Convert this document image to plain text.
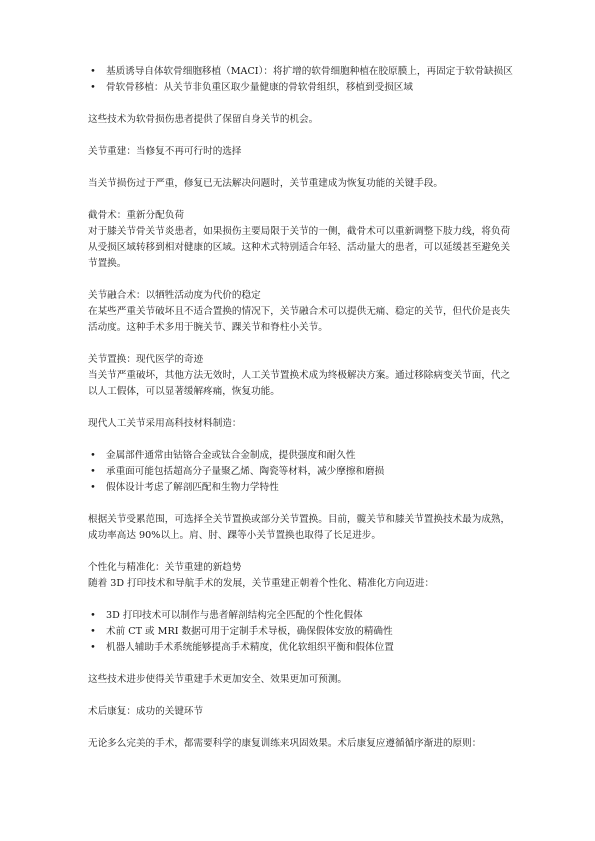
• 基质诱导自体软骨细胞移植（MACI）：将扩增的软骨细胞种植在胶原膜上，再固定于软骨缺损区
• 骨软骨移植：从关节非负重区取少量健康的骨软骨组织，移植到受损区域

这些技术为软骨损伤患者提供了保留自身关节的机会。

关节重建：当修复不再可行时的选择

当关节损伤过于严重，修复已无法解决问题时，关节重建成为恢复功能的关键手段。

截骨术：重新分配负荷

对于膝关节骨关节炎患者，如果损伤主要局限于关节的一侧，截骨术可以重新调整下肢力线，将负荷从受损区域转移到相对健康的区域。这种术式特别适合年轻、活动量大的患者，可以延缓甚至避免关节置换。

关节融合术：以牺牲活动度为代价的稳定

在某些严重关节破坏且不适合置换的情况下，关节融合术可以提供无痛、稳定的关节，但代价是丧失活动度。这种手术多用于腕关节、踝关节和脊柱小关节。

关节置换：现代医学的奇迹

当关节严重破坏，其他方法无效时，人工关节置换术成为终极解决方案。通过移除病变关节面，代之以人工假体，可以显著缓解疼痛，恢复功能。

现代人工关节采用高科技材料制造：

• 金属部件通常由钴铬合金或钛合金制成，提供强度和耐久性
• 承重面可能包括超高分子量聚乙烯、陶瓷等材料，减少摩擦和磨损
• 假体设计考虑了解剖匹配和生物力学特性

根据关节受累范围，可选择全关节置换或部分关节置换。目前，髋关节和膝关节置换技术最为成熟，成功率高达 90%以上。肩、肘、踝等小关节置换也取得了长足进步。

个性化与精准化：关节重建的新趋势

随着 3D 打印技术和导航手术的发展，关节重建正朝着个性化、精准化方向迈进：

• 3D 打印技术可以制作与患者解剖结构完全匹配的个性化假体
• 术前 CT 或 MRI 数据可用于定制手术导板，确保假体安放的精确性
• 机器人辅助手术系统能够提高手术精度，优化软组织平衡和假体位置

这些技术进步使得关节重建手术更加安全、效果更加可预测。

术后康复：成功的关键环节

无论多么完美的手术，都需要科学的康复训练来巩固效果。术后康复应遵循循序渐进的原则：
